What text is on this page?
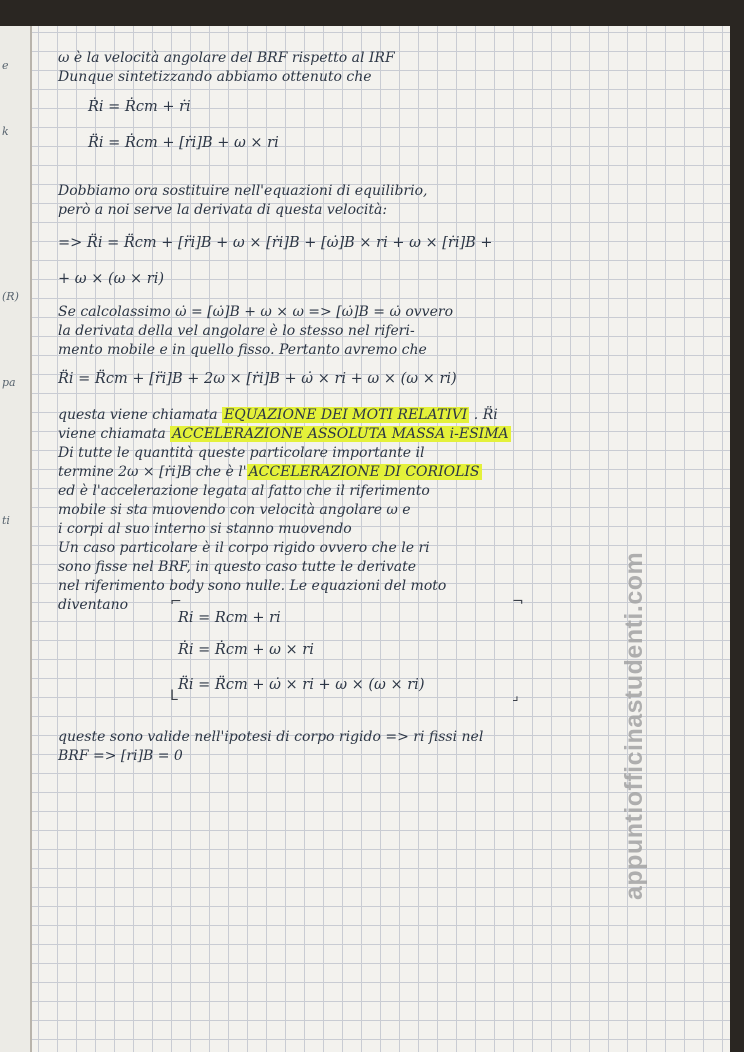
e
k
(R)
pa
ti
ω è la velocità angolare del BRF rispetto al IRF
Dunque sintetizzando abbiamo ottenuto che
Ṙi = Ṙcm + ṙi
R̈i = Ṙcm + [ṙi]B + ω × ri
Dobbiamo ora sostituire nell'equazioni di equilibrio,
però a noi serve la derivata di questa velocità:
=> R̈i = R̈cm + [r̈i]B + ω × [ṙi]B + [ω̇]B × ri + ω × [ṙi]B +
+ ω × (ω × ri)
Se calcolassimo ω̇ = [ω̇]B + ω × ω => [ω̇]B = ω̇ ovvero
la derivata della vel angolare è lo stesso nel riferi-
mento mobile e in quello fisso. Pertanto avremo che
R̈i = R̈cm + [r̈i]B + 2ω × [ṙi]B + ω̇ × ri + ω × (ω × ri)
questa viene chiamata EQUAZIONE DEI MOTI RELATIVI . R̈i
viene chiamata ACCELERAZIONE ASSOLUTA MASSA i-ESIMA
Di tutte le quantità queste particolare importante il
termine 2ω × [ṙi]B che è l' ACCELERAZIONE DI CORIOLIS
ed è l'accelerazione legata al fatto che il riferimento
mobile si sta muovendo con velocità angolare ω e
i corpi al suo interno si stanno muovendo
Un caso particolare è il corpo rigido ovvero che le ri
sono fisse nel BRF, in questo caso tutte le derivate
nel riferimento body sono nulle. Le equazioni del moto
diventano	⌐	¬
Ri = Rcm + ri
Ṙi = Ṙcm + ω × ri
R̈i = R̈cm + ω̇ × ri + ω × (ω × ri)
L	⌟
queste sono valide nell'ipotesi di corpo rigido => ri fissi nel
BRF => [ri]B = 0	appuntiofficinastudenti.com
